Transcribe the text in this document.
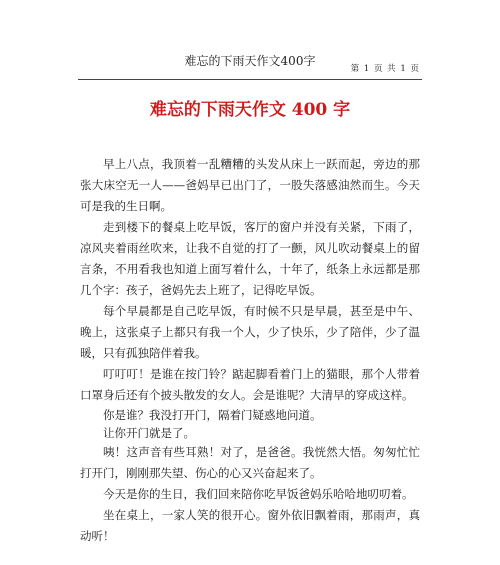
难忘的下雨天作文400字
第 1 页 共 1 页
难忘的下雨天作文 400 字

早上八点，我顶着一乱糟糟的头发从床上一跃而起，旁边的那张大床空无一人——爸妈早已出门了，一股失落感油然而生。今天可是我的生日啊。

走到楼下的餐桌上吃早饭，客厅的窗户并没有关紧，下雨了，凉风夹着雨丝吹来，让我不自觉的打了一颤，风儿吹动餐桌上的留言条，不用看我也知道上面写着什么，十年了，纸条上永远都是那几个字：孩子，爸妈先去上班了，记得吃早饭。

每个早晨都是自己吃早饭，有时候不只是早晨，甚至是中午、晚上，这张桌子上都只有我一个人，少了快乐，少了陪伴，少了温暖，只有孤独陪伴着我。

叮叮叮！是谁在按门铃？踮起脚看着门上的猫眼，那个人带着口罩身后还有个披头散发的女人。会是谁呢？大清早的穿成这样。

你是谁？我没打开门，隔着门疑惑地问道。

让你开门就是了。

咦！这声音有些耳熟！对了，是爸爸。我恍然大悟。匆匆忙忙打开门，刚刚那失望、伤心的心又兴奋起来了。

今天是你的生日，我们回来陪你吃早饭爸妈乐哈哈地叨叨着。

坐在桌上，一家人笑的很开心。窗外依旧飘着雨，那雨声，真动听！
